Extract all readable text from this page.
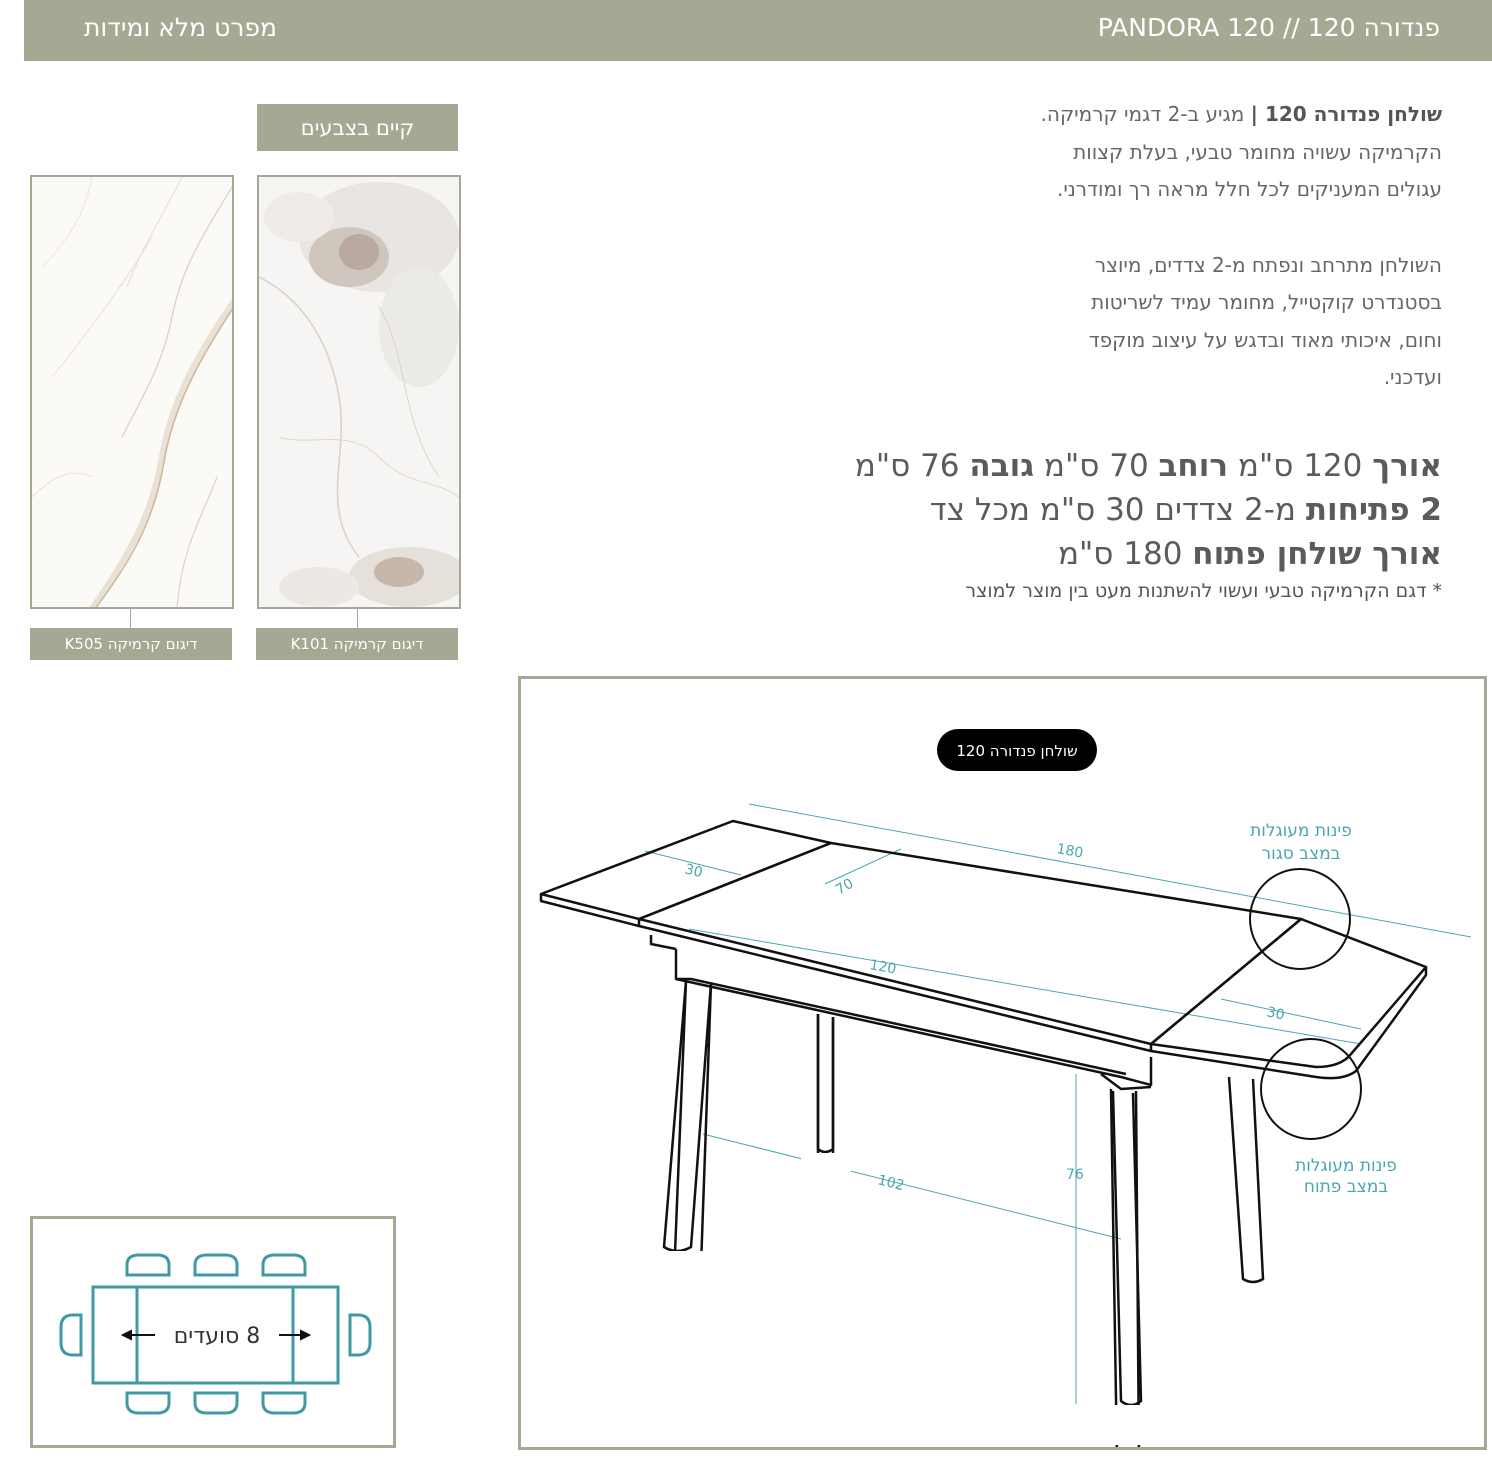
פנדורה 120 // PANDORA 120
מפרט מלא ומידות

שולחן פנדורה 120 | מגיע ב-2 דגמי קרמיקה.

הקרמיקה עשויה מחומר טבעי, בעלת קצוות

עגולים המעניקים לכל חלל מראה רך ומודרני.

השולחן מתרחב ונפתח מ-2 צדדים, מיוצר

בסטנדרט קוקטייל, מחומר עמיד לשריטות

וחום, איכותי מאוד ובדגש על עיצוב מוקפד

ועדכני.

אורך 120 ס"מ רוחב 70 ס"מ גובה 76 ס"מ
2 פתיחות מ-2 צדדים 30 ס"מ מכל צד
אורך שולחן פתוח 180 ס"מ
* דגם הקרמיקה טבעי ועשוי להשתנות מעט בין מוצר למוצר
קיים בצבעים
דיגום קרמיקה K505	דיגום קרמיקה K101
8 סועדים
שולחן פנדורה 120
180
30
70
120
30
102	76
פינות מעוגלות
במצב סגור
פינות מעוגלות
במצב פתוח
